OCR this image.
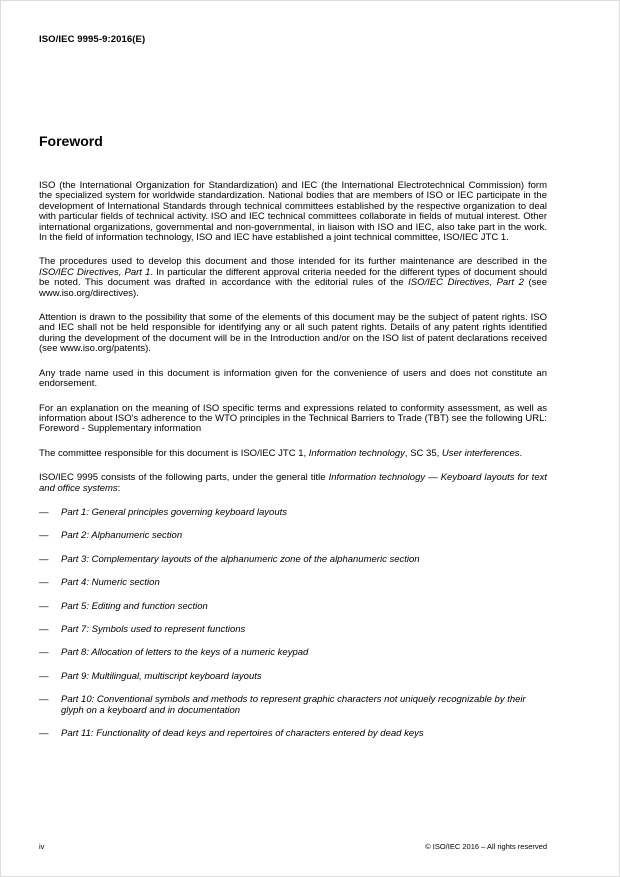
ISO/IEC 9995-9:2016(E)
Foreword

ISO (the International Organization for Standardization) and IEC (the International Electrotechnical Commission) form the specialized system for worldwide standardization. National bodies that are members of ISO or IEC participate in the development of International Standards through technical committees established by the respective organization to deal with particular fields of technical activity. ISO and IEC technical committees collaborate in fields of mutual interest. Other international organizations, governmental and non-governmental, in liaison with ISO and IEC, also take part in the work. In the field of information technology, ISO and IEC have established a joint technical committee, ISO/IEC JTC 1.

The procedures used to develop this document and those intended for its further maintenance are described in the ISO/IEC Directives, Part 1. In particular the different approval criteria needed for the different types of document should be noted. This document was drafted in accordance with the editorial rules of the ISO/IEC Directives, Part 2 (see www.iso.org/directives).

Attention is drawn to the possibility that some of the elements of this document may be the subject of patent rights. ISO and IEC shall not be held responsible for identifying any or all such patent rights. Details of any patent rights identified during the development of the document will be in the Introduction and/or on the ISO list of patent declarations received (see www.iso.org/patents).

Any trade name used in this document is information given for the convenience of users and does not constitute an endorsement.

For an explanation on the meaning of ISO specific terms and expressions related to conformity assessment, as well as information about ISO's adherence to the WTO principles in the Technical Barriers to Trade (TBT) see the following URL: Foreword - Supplementary information

The committee responsible for this document is ISO/IEC JTC 1, Information technology, SC 35, User interferences.

ISO/IEC 9995 consists of the following parts, under the general title Information technology — Keyboard layouts for text and office systems:

—	Part 1: General principles governing keyboard layouts
—	Part 2: Alphanumeric section
—	Part 3: Complementary layouts of the alphanumeric zone of the alphanumeric section
—	Part 4: Numeric section
—	Part 5: Editing and function section
—	Part 7: Symbols used to represent functions
—	Part 8: Allocation of letters to the keys of a numeric keypad
—	Part 9: Multilingual, multiscript keyboard layouts
—	Part 10: Conventional symbols and methods to represent graphic characters not uniquely recognizable by their glyph on a keyboard and in documentation
—	Part 11: Functionality of dead keys and repertoires of characters entered by dead keys
iv	© ISO/IEC 2016 – All rights reserved
